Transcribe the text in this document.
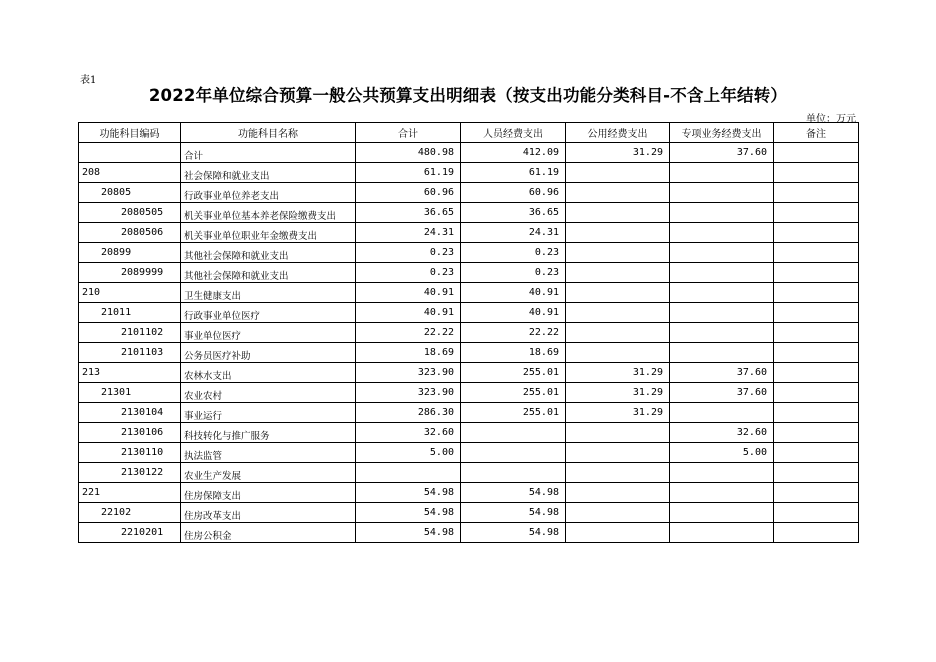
表1
2022年单位综合预算一般公共预算支出明细表（按支出功能分类科目-不含上年结转）
单位：万元
功能科目编码	功能科目名称	合计	人员经费支出	公用经费支出	专项业务经费支出	备注
	合计	480.98	412.09	31.29	37.60	
208	社会保障和就业支出	61.19	61.19			
20805	行政事业单位养老支出	60.96	60.96			
2080505	机关事业单位基本养老保险缴费支出	36.65	36.65			
2080506	机关事业单位职业年金缴费支出	24.31	24.31			
20899	其他社会保障和就业支出	0.23	0.23			
2089999	其他社会保障和就业支出	0.23	0.23			
210	卫生健康支出	40.91	40.91			
21011	行政事业单位医疗	40.91	40.91			
2101102	事业单位医疗	22.22	22.22			
2101103	公务员医疗补助	18.69	18.69			
213	农林水支出	323.90	255.01	31.29	37.60	
21301	农业农村	323.90	255.01	31.29	37.60	
2130104	事业运行	286.30	255.01	31.29		
2130106	科技转化与推广服务	32.60			32.60	
2130110	执法监管	5.00			5.00	
2130122	农业生产发展					
221	住房保障支出	54.98	54.98			
22102	住房改革支出	54.98	54.98			
2210201	住房公积金	54.98	54.98			
